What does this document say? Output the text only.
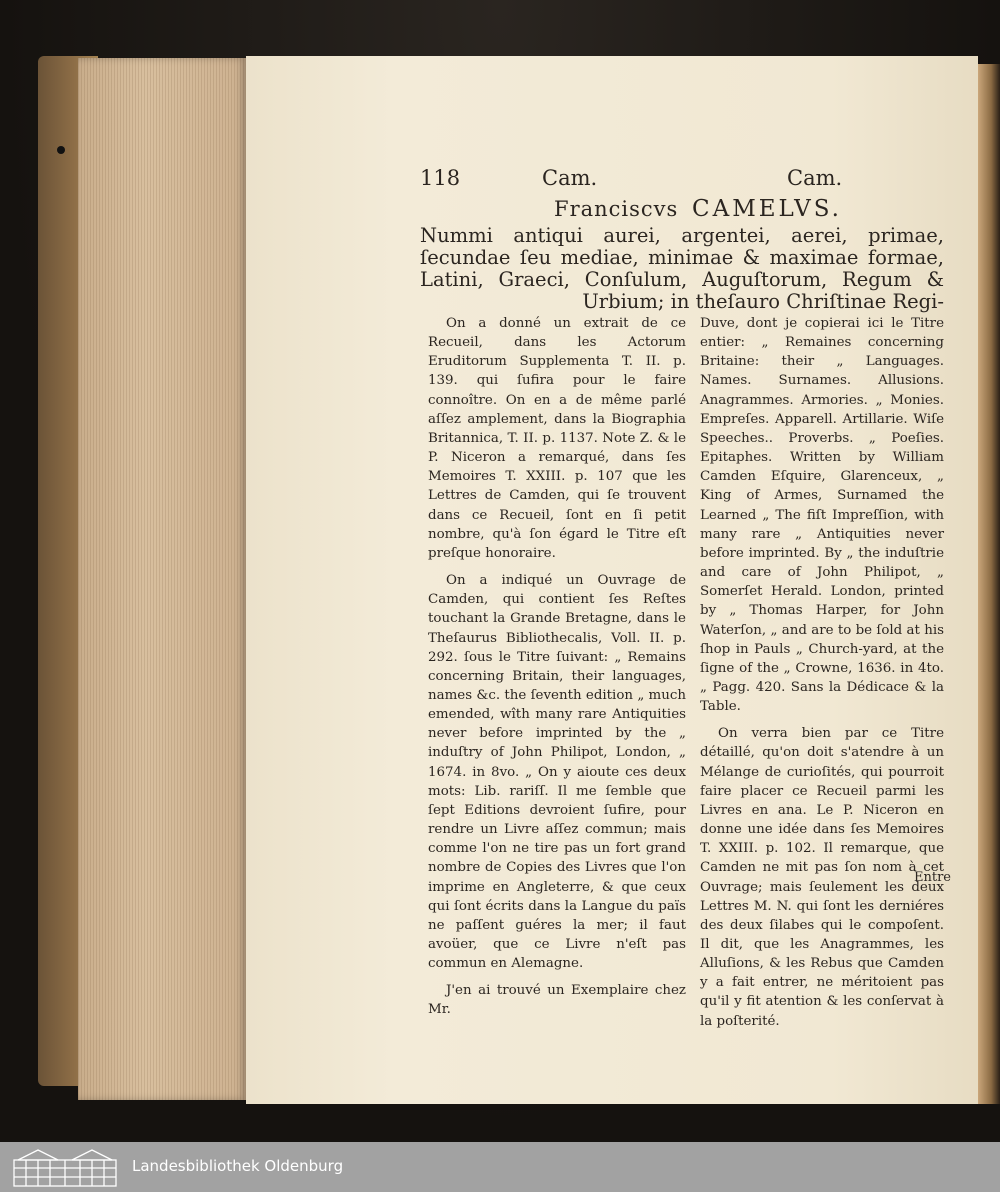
118	Cam.	Cam.
Franciscvs CAMELVS.
Nummi antiqui aurei, argentei, aerei, primae, ſecundae ſeu mediae, minimae & maximae formae, Latini, Graeci, Conſulum, Auguſtorum, Regum & Urbium; in theſauro Chriſtinae Regi-

On a donné un extrait de ce Recueil, dans les Actorum Eruditorum Supplementa T. II. p. 139. qui ſufira pour le faire connoître. On en a de même parlé aſſez amplement, dans la Biographia Britannica, T. II. p. 1137. Note Z. & le P. Niceron a remarqué, dans ſes Memoires T. XXIII. p. 107 que les Lettres de Camden, qui ſe trouvent dans ce Recueil, ſont en ſi petit nombre, qu'à ſon égard le Titre eſt preſque honoraire.

On a indiqué un Ouvrage de Camden, qui contient ſes Reſtes touchant la Grande Bretagne, dans le Theſaurus Bibliothecalis, Voll. II. p. 292. ſous le Titre ſuivant: „ Remains concerning Britain, their languages, names &c. the ſeventh edition „ much emended, wîth many rare Antiquities never before imprinted by the „ induſtry of John Philipot, London, „ 1674. in 8vo. „ On y aioute ces deux mots: Lib. rariſſ. Il me ſemble que ſept Editions devroient ſufire, pour rendre un Livre aſſez commun; mais comme l'on ne tire pas un fort grand nombre de Copies des Livres que l'on imprime en Angleterre, & que ceux qui ſont écrits dans la Langue du païs ne paſſent guéres la mer; il faut avoüer, que ce Livre n'eſt pas commun en Alemagne.

J'en ai trouvé un Exemplaire chez Mr.

Duve, dont je copierai ici le Titre entier: „ Remaines concerning Britaine: their „ Languages. Names. Surnames. Allusions. Anagrammes. Armories. „ Monies. Empreſes. Apparell. Artillarie. Wiſe Speeches.. Proverbs. „ Poeſies. Epitaphes. Written by William Camden Eſquire, Glarenceux, „ King of Armes, Surnamed the Learned „ The fiſt Impreſſion, with many rare „ Antiquities never before imprinted. By „ the induſtrie and care of John Philipot, „ Somerſet Herald. London, printed by „ Thomas Harper, for John Waterſon, „ and are to be ſold at his ſhop in Pauls „ Church-yard, at the ſigne of the „ Crowne, 1636. in 4to. „ Pagg. 420. Sans la Dédicace & la Table.

On verra bien par ce Titre détaillé, qu'on doit s'atendre à un Mélange de curioſités, qui pourroit faire placer ce Recueil parmi les Livres en ana. Le P. Niceron en donne une idée dans ſes Memoires T. XXIII. p. 102. Il remarque, que Camden ne mit pas ſon nom à cet Ouvrage; mais ſeulement les deux Lettres M. N. qui ſont les derniéres des deux ſilabes qui le compoſent. Il dit, que les Anagrammes, les Alluſions, & les Rebus que Camden y a fait entrer, ne méritoient pas qu'il y fit atention & les conſervat à la poſterité.

Entre
Landesbibliothek Oldenburg
